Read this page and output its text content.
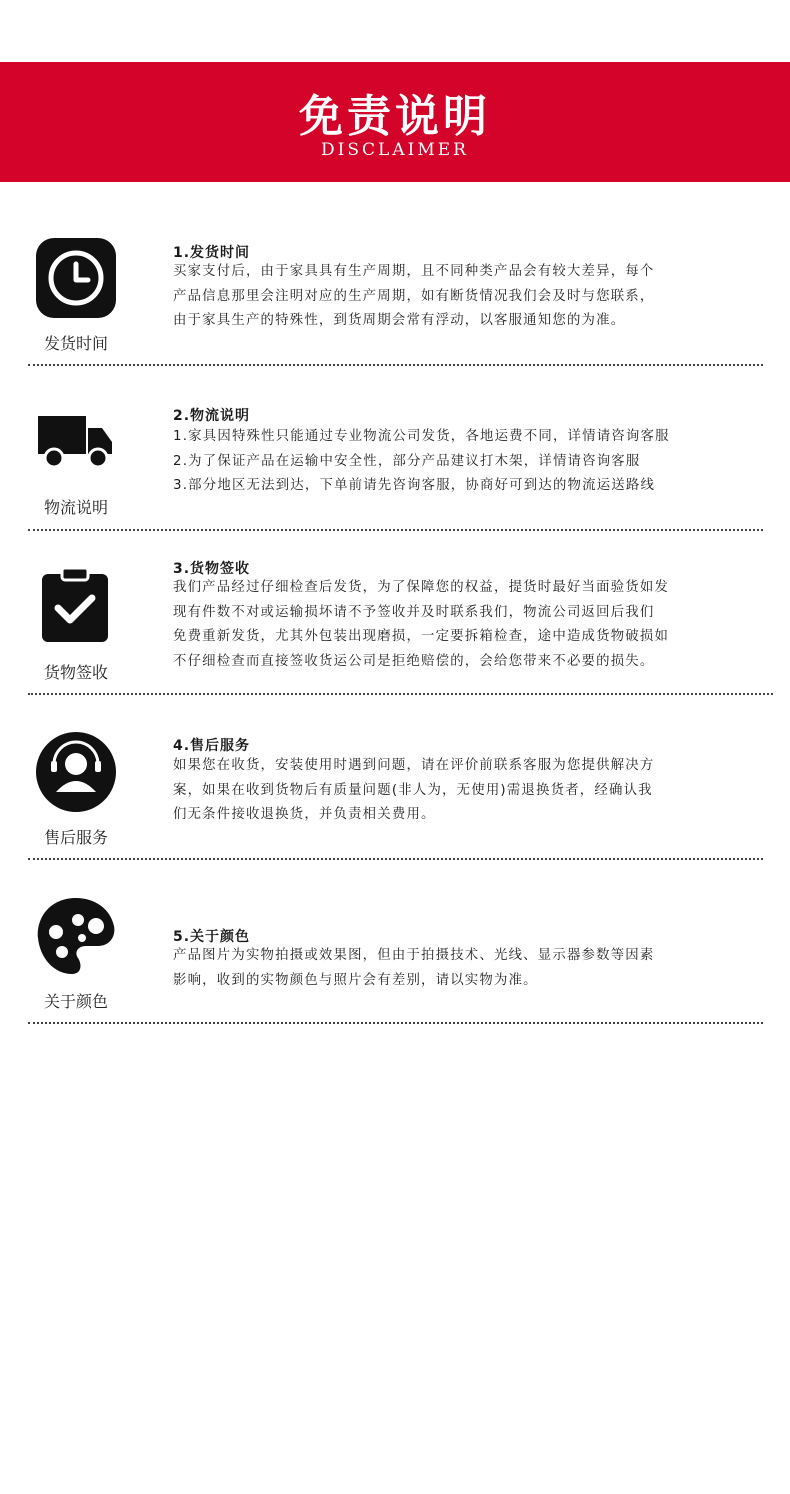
免责说明
DISCLAIMER
发货时间
1.发货时间
买家支付后，由于家具具有生产周期，且不同种类产品会有较大差异，每个
产品信息那里会注明对应的生产周期，如有断货情况我们会及时与您联系，
由于家具生产的特殊性，到货周期会常有浮动，以客服通知您的为准。
物流说明
2.物流说明
1.家具因特殊性只能通过专业物流公司发货，各地运费不同，详情请咨询客服
2.为了保证产品在运输中安全性，部分产品建议打木架，详情请咨询客服
3.部分地区无法到达，下单前请先咨询客服，协商好可到达的物流运送路线
货物签收
3.货物签收
我们产品经过仔细检查后发货，为了保障您的权益，提货时最好当面验货如发
现有件数不对或运输损坏请不予签收并及时联系我们，物流公司返回后我们
免费重新发货，尤其外包装出现磨损，一定要拆箱检查，途中造成货物破损如
不仔细检查而直接签收货运公司是拒绝赔偿的，会给您带来不必要的损失。
售后服务
4.售后服务
如果您在收货，安装使用时遇到问题，请在评价前联系客服为您提供解决方
案，如果在收到货物后有质量问题(非人为，无使用)需退换货者，经确认我
们无条件接收退换货，并负责相关费用。
关于颜色
5.关于颜色
产品图片为实物拍摄或效果图，但由于拍摄技术、光线、显示器参数等因素
影响，收到的实物颜色与照片会有差别，请以实物为准。
